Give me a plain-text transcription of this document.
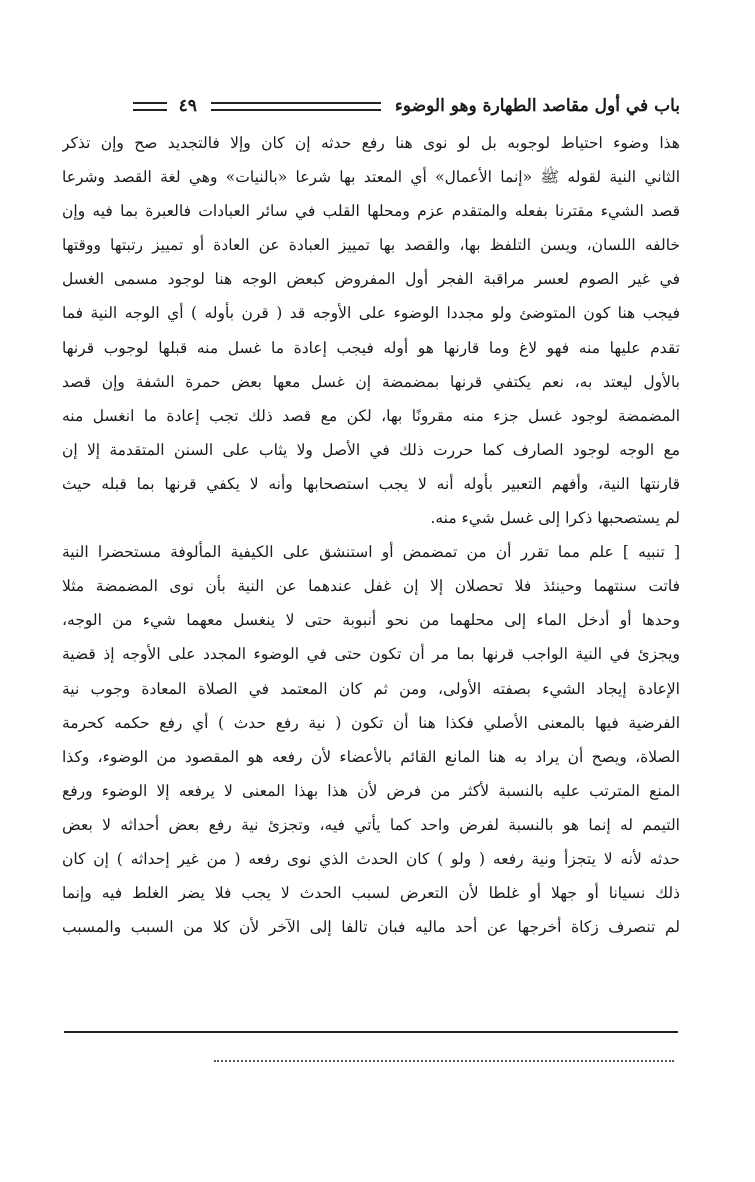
باب في أول مقاصد الطهارة وهو الوضوء
٤٩
هذا وضوء احتياط لوجوبه بل لو نوى هنا رفع حدثه إن كان وإلا فالتجديد صح وإن تذكر
الثاني النية لقوله ﷺ «إنما الأعمال» أي المعتد بها شرعا «بالنيات» وهي لغة القصد وشرعا
قصد الشيء مقترنا بفعله والمتقدم عزم ومحلها القلب في سائر العبادات فالعبرة بما فيه وإن
خالفه اللسان، ويسن التلفظ بها، والقصد بها تمييز العبادة عن العادة أو تمييز رتبتها ووقتها
في غير الصوم لعسر مراقبة الفجر أول المفروض كبعض الوجه هنا لوجود مسمى الغسل
فيجب هنا كون المتوضئ ولو مجددا الوضوء على الأوجه قد ( قرن بأوله ) أي الوجه النية فما
تقدم عليها منه فهو لاغ وما قارنها هو أوله فيجب إعادة ما غسل منه قبلها لوجوب قرنها
بالأول ليعتد به، نعم يكتفي قرنها بمضمضة إن غسل معها بعض حمرة الشفة وإن قصد
المضمضة لوجود غسل جزء منه مقرونًا بها، لكن مع قصد ذلك تجب إعادة ما انغسل منه
مع الوجه لوجود الصارف كما حررت ذلك في الأصل ولا يثاب على السنن المتقدمة إلا إن
قارنتها النية، وأفهم التعبير بأوله أنه لا يجب استصحابها وأنه لا يكفي قرنها بما قبله حيث
لم يستصحبها ذكرا إلى غسل شيء منه.
[ تنبيه ] علم مما تقرر أن من تمضمض أو استنشق على الكيفية المألوفة مستحضرا النية
فاتت سنتهما وحينئذ فلا تحصلان إلا إن غفل عندهما عن النية بأن نوى المضمضة مثلا
وحدها أو أدخل الماء إلى محلهما من نحو أنبوبة حتى لا ينغسل معهما شيء من الوجه،
ويجزئ في النية الواجب قرنها بما مر أن تكون حتى في الوضوء المجدد على الأوجه إذ قضية
الإعادة إيجاد الشيء بصفته الأولى، ومن ثم كان المعتمد في الصلاة المعادة وجوب نية
الفرضية فيها بالمعنى الأصلي فكذا هنا أن تكون ( نية رفع حدث ) أي رفع حكمه كحرمة
الصلاة، ويصح أن يراد به هنا المانع القائم بالأعضاء لأن رفعه هو المقصود من الوضوء، وكذا
المنع المترتب عليه بالنسبة لأكثر من فرض لأن هذا بهذا المعنى لا يرفعه إلا الوضوء ورفع
التيمم له إنما هو بالنسبة لفرض واحد كما يأتي فيه، وتجزئ نية رفع بعض أحداثه لا بعض
حدثه لأنه لا يتجزأ ونية رفعه ( ولو ) كان الحدث الذي نوى رفعه ( من غير إحداثه ) إن كان
ذلك نسيانا أو جهلا أو غلطا لأن التعرض لسبب الحدث لا يجب فلا يضر الغلط فيه وإنما
لم تنصرف زكاة أخرجها عن أحد ماليه فبان تالفا إلى الآخر لأن كلا من السبب والمسبب
